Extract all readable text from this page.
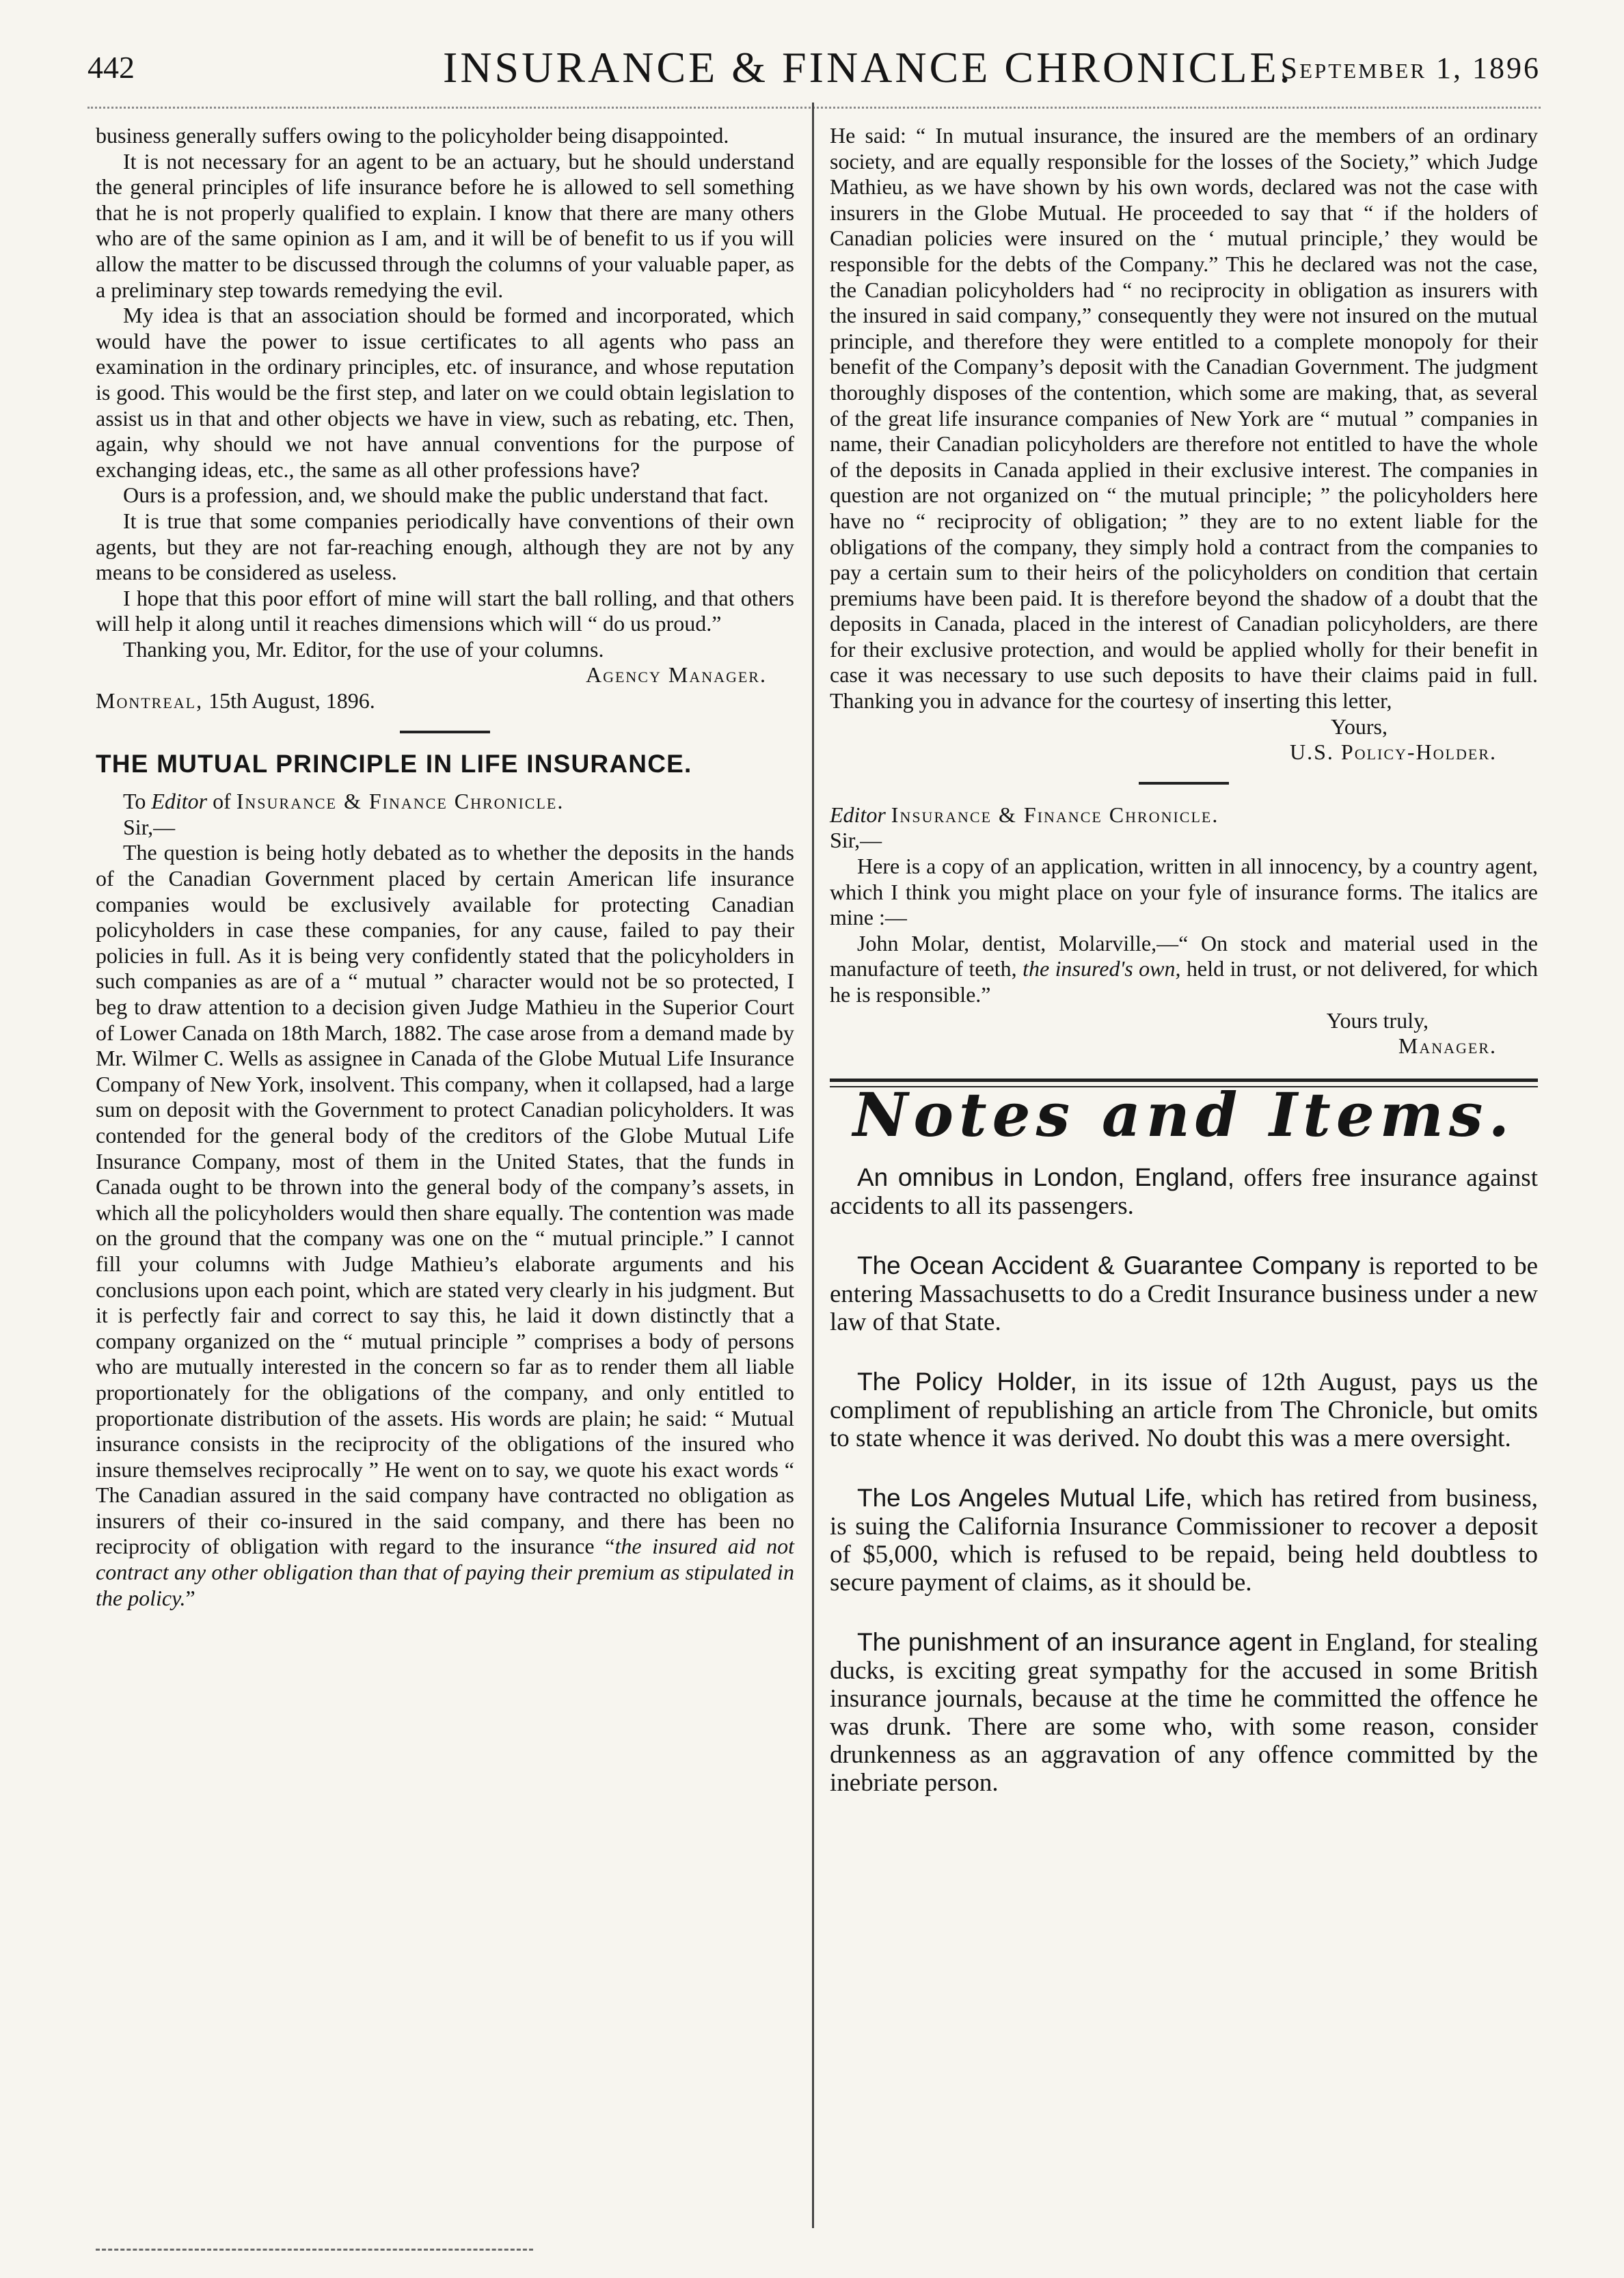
442	INSURANCE & FINANCE CHRONICLE.
September 1, 1896

business generally suffers owing to the policyholder being disappointed.

It is not necessary for an agent to be an actuary, but he should understand the general principles of life insurance before he is allowed to sell something that he is not properly qualified to explain. I know that there are many others who are of the same opinion as I am, and it will be of benefit to us if you will allow the matter to be discussed through the columns of your valuable paper, as a preliminary step towards remedying the evil.

My idea is that an association should be formed and incorporated, which would have the power to issue certificates to all agents who pass an examination in the ordinary principles, etc. of insurance, and whose reputation is good. This would be the first step, and later on we could obtain legislation to assist us in that and other objects we have in view, such as rebating, etc. Then, again, why should we not have annual conventions for the purpose of exchanging ideas, etc., the same as all other professions have?

Ours is a profession, and, we should make the public understand that fact.

It is true that some companies periodically have conventions of their own agents, but they are not far-reaching enough, although they are not by any means to be considered as useless.

I hope that this poor effort of mine will start the ball rolling, and that others will help it along until it reaches dimensions which will “ do us proud.”

Thanking you, Mr. Editor, for the use of your columns.

Agency Manager.

Montreal, 15th August, 1896.

THE MUTUAL PRINCIPLE IN LIFE INSURANCE.

To Editor of Insurance & Finance Chronicle.

Sir,—

The question is being hotly debated as to whether the deposits in the hands of the Canadian Government placed by certain American life insurance companies would be exclusively available for protecting Canadian policyholders in case these companies, for any cause, failed to pay their policies in full. As it is being very confidently stated that the policyholders in such companies as are of a “ mutual ” character would not be so protected, I beg to draw attention to a decision given Judge Mathieu in the Superior Court of Lower Canada on 18th March, 1882. The case arose from a demand made by Mr. Wilmer C. Wells as assignee in Canada of the Globe Mutual Life Insurance Company of New York, insolvent. This company, when it collapsed, had a large sum on deposit with the Government to protect Canadian policyholders. It was contended for the general body of the creditors of the Globe Mutual Life Insurance Company, most of them in the United States, that the funds in Canada ought to be thrown into the general body of the company’s assets, in which all the policyholders would then share equally. The contention was made on the ground that the company was one on the “ mutual principle.” I cannot fill your columns with Judge Mathieu’s elaborate arguments and his conclusions upon each point, which are stated very clearly in his judgment. But it is perfectly fair and correct to say this, he laid it down distinctly that a company organized on the “ mutual principle ” comprises a body of persons who are mutually interested in the concern so far as to render them all liable proportionately for the obligations of the company, and only entitled to proportionate distribution of the assets. His words are plain; he said: “ Mutual insurance consists in the reciprocity of the obligations of the insured who insure themselves reciprocally ” He went on to say, we quote his exact words “ The Canadian assured in the said company have contracted no obligation as insurers of their co-insured in the said company, and there has been no reciprocity of obligation with regard to the insurance “the insured aid not contract any other obligation than that of paying their premium as stipulated in the policy.”

He said: “ In mutual insurance, the insured are the members of an ordinary society, and are equally responsible for the losses of the Society,” which Judge Mathieu, as we have shown by his own words, declared was not the case with insurers in the Globe Mutual. He proceeded to say that “ if the holders of Canadian policies were insured on the ‘ mutual principle,’ they would be responsible for the debts of the Company.” This he declared was not the case, the Canadian policyholders had “ no reciprocity in obligation as insurers with the insured in said company,” consequently they were not insured on the mutual principle, and therefore they were entitled to a complete monopoly for their benefit of the Company’s deposit with the Canadian Government. The judgment thoroughly disposes of the contention, which some are making, that, as several of the great life insurance companies of New York are “ mutual ” companies in name, their Canadian policyholders are therefore not entitled to have the whole of the deposits in Canada applied in their exclusive interest. The companies in question are not organized on “ the mutual principle; ” the policyholders here have no “ reciprocity of obligation; ” they are to no extent liable for the obligations of the company, they simply hold a contract from the companies to pay a certain sum to their heirs of the policyholders on condition that certain premiums have been paid. It is therefore beyond the shadow of a doubt that the deposits in Canada, placed in the interest of Canadian policyholders, are there for their exclusive protection, and would be applied wholly for their benefit in case it was necessary to use such deposits to have their claims paid in full. Thanking you in advance for the courtesy of inserting this letter,

Yours,
U.S. Policy-Holder.

Editor Insurance & Finance Chronicle.

Sir,—

Here is a copy of an application, written in all innocency, by a country agent, which I think you might place on your fyle of insurance forms. The italics are mine :—

John Molar, dentist, Molarville,—“ On stock and material used in the manufacture of teeth, the insured's own, held in trust, or not delivered, for which he is responsible.”

Yours truly,
Manager.
Notes and Items.

An omnibus in London, England, offers free insurance against accidents to all its passengers.

The Ocean Accident & Guarantee Company is reported to be entering Massachusetts to do a Credit Insurance business under a new law of that State.

The Policy Holder, in its issue of 12th August, pays us the compliment of republishing an article from The Chronicle, but omits to state whence it was derived. No doubt this was a mere oversight.

The Los Angeles Mutual Life, which has retired from business, is suing the California Insurance Commissioner to recover a deposit of $5,000, which is refused to be repaid, being held doubtless to secure payment of claims, as it should be.

The punishment of an insurance agent in England, for stealing ducks, is exciting great sympathy for the accused in some British insurance journals, because at the time he committed the offence he was drunk. There are some who, with some reason, consider drunkenness as an aggravation of any offence committed by the inebriate person.
